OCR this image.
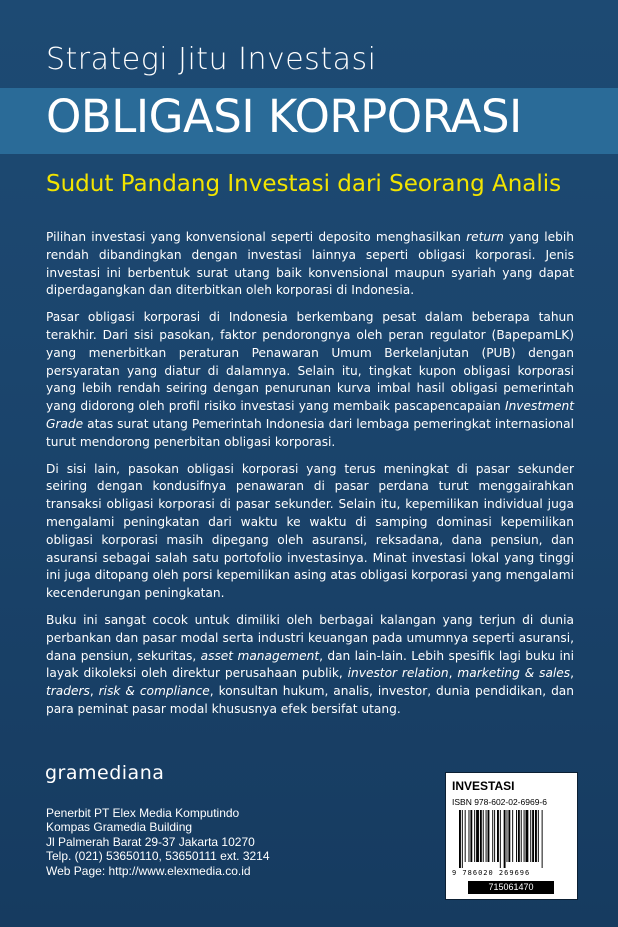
Strategi Jitu Investasi
OBLIGASI KORPORASI
Sudut Pandang Investasi dari Seorang Analis

Pilihan investasi yang konvensional seperti deposito menghasilkan return yang lebih rendah dibandingkan dengan investasi lainnya seperti obligasi korporasi. Jenis investasi ini berbentuk surat utang baik konvensional maupun syariah yang dapat diperdagangkan dan diterbitkan oleh korporasi di Indonesia.

Pasar obligasi korporasi di Indonesia berkembang pesat dalam beberapa tahun terakhir. Dari sisi pasokan, faktor pendorongnya oleh peran regulator (BapepamLK) yang menerbitkan peraturan Penawaran Umum Berkelanjutan (PUB) dengan persyaratan yang diatur di dalamnya. Selain itu, tingkat kupon obligasi korporasi yang lebih rendah seiring dengan penurunan kurva imbal hasil obligasi pemerintah yang didorong oleh profil risiko investasi yang membaik pascapencapaian Investment Grade atas surat utang Pemerintah Indonesia dari lembaga pemeringkat internasional turut mendorong penerbitan obligasi korporasi.

Di sisi lain, pasokan obligasi korporasi yang terus meningkat di pasar sekunder seiring dengan kondusifnya penawaran di pasar perdana turut menggairahkan transaksi obligasi korporasi di pasar sekunder. Selain itu, kepemilikan individual juga mengalami peningkatan dari waktu ke waktu di samping dominasi kepemilikan obligasi korporasi masih dipegang oleh asuransi, reksadana, dana pensiun, dan asuransi sebagai salah satu portofolio investasinya. Minat investasi lokal yang tinggi ini juga ditopang oleh porsi kepemilikan asing atas obligasi korporasi yang mengalami kecenderungan peningkatan.

Buku ini sangat cocok untuk dimiliki oleh berbagai kalangan yang terjun di dunia perbankan dan pasar modal serta industri keuangan pada umumnya seperti asuransi, dana pensiun, sekuritas, asset management, dan lain-lain. Lebih spesifik lagi buku ini layak dikoleksi oleh direktur perusahaan publik, investor relation, marketing & sales, traders, risk & compliance, konsultan hukum, analis, investor, dunia pendidikan, dan para peminat pasar modal khususnya efek bersifat utang.

gramediana
Penerbit PT Elex Media Komputindo
Kompas Gramedia Building
Jl Palmerah Barat 29-37 Jakarta 10270
Telp. (021) 53650110, 53650111 ext. 3214
Web Page: http://www.elexmedia.co.id
INVESTASI
ISBN 978-602-02-6969-6
9 786020 269696
715061470
